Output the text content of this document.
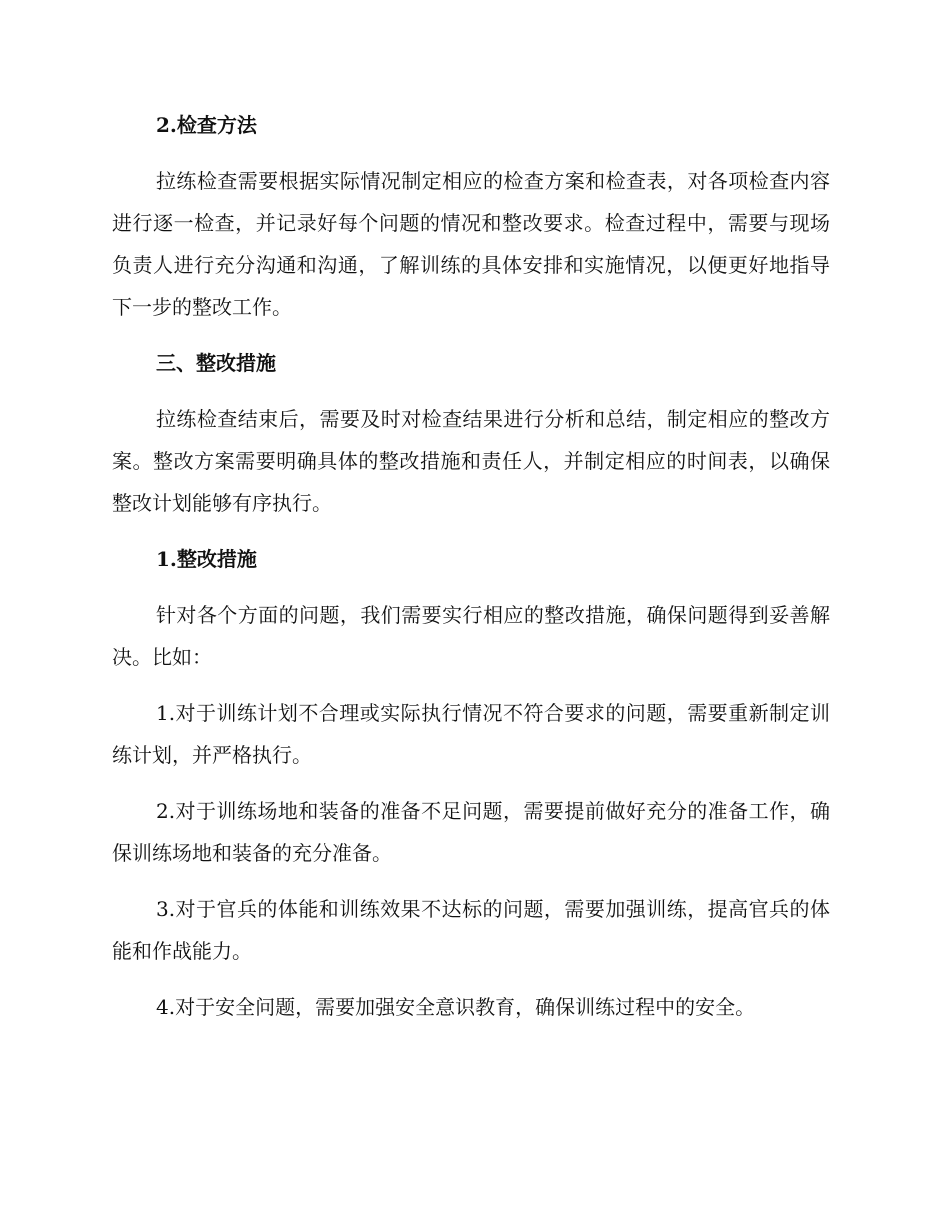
2.检查方法

拉练检查需要根据实际情况制定相应的检查方案和检查表，对各项检查内容进行逐一检查，并记录好每个问题的情况和整改要求。检查过程中，需要与现场负责人进行充分沟通和沟通，了解训练的具体安排和实施情况，以便更好地指导下一步的整改工作。

三、整改措施

拉练检查结束后，需要及时对检查结果进行分析和总结，制定相应的整改方案。整改方案需要明确具体的整改措施和责任人，并制定相应的时间表，以确保整改计划能够有序执行。

1.整改措施

针对各个方面的问题，我们需要实行相应的整改措施，确保问题得到妥善解决。比如：

1.对于训练计划不合理或实际执行情况不符合要求的问题，需要重新制定训练计划，并严格执行。

2.对于训练场地和装备的准备不足问题，需要提前做好充分的准备工作，确保训练场地和装备的充分准备。

3.对于官兵的体能和训练效果不达标的问题，需要加强训练，提高官兵的体能和作战能力。

4.对于安全问题，需要加强安全意识教育，确保训练过程中的安全。
